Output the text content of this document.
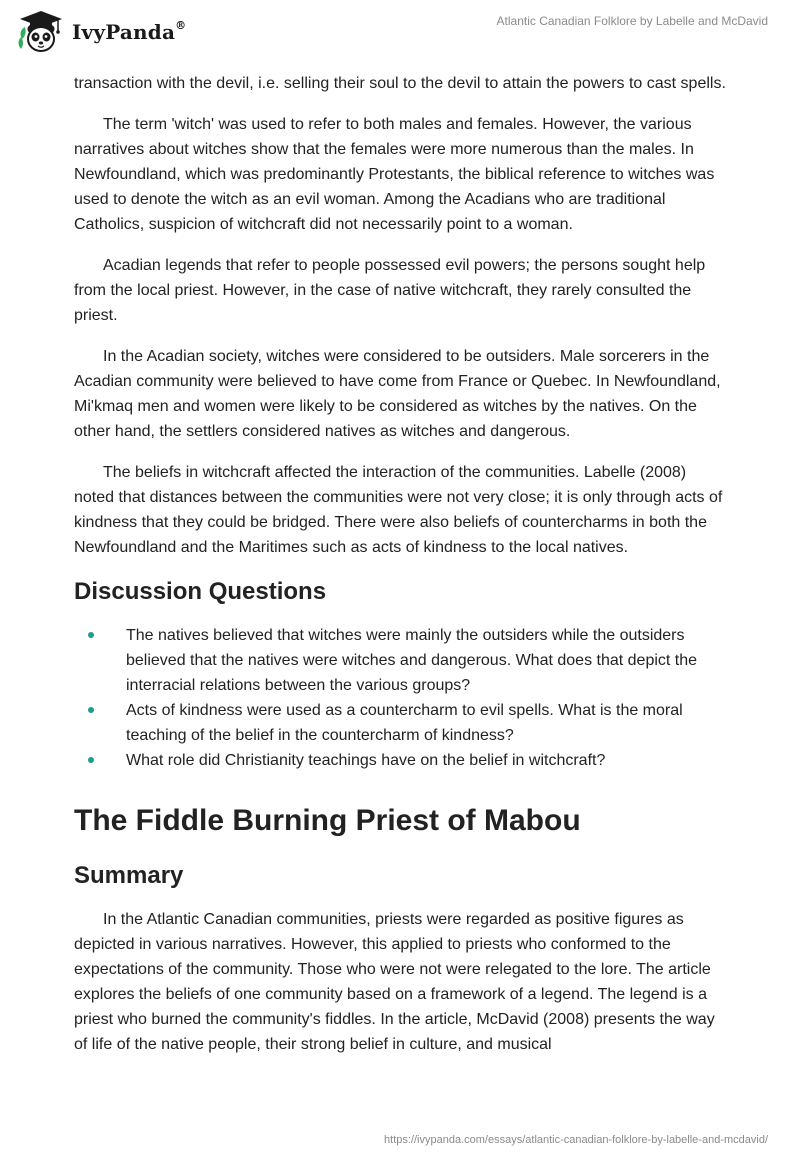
IvyPanda®	Atlantic Canadian Folklore by Labelle and McDavid

transaction with the devil, i.e. selling their soul to the devil to attain the powers to cast spells.

The term 'witch' was used to refer to both males and females. However, the various narratives about witches show that the females were more numerous than the males. In Newfoundland, which was predominantly Protestants, the biblical reference to witches was used to denote the witch as an evil woman. Among the Acadians who are traditional Catholics, suspicion of witchcraft did not necessarily point to a woman.

Acadian legends that refer to people possessed evil powers; the persons sought help from the local priest. However, in the case of native witchcraft, they rarely consulted the priest.

In the Acadian society, witches were considered to be outsiders. Male sorcerers in the Acadian community were believed to have come from France or Quebec. In Newfoundland, Mi'kmaq men and women were likely to be considered as witches by the natives. On the other hand, the settlers considered natives as witches and dangerous.

The beliefs in witchcraft affected the interaction of the communities. Labelle (2008) noted that distances between the communities were not very close; it is only through acts of kindness that they could be bridged. There were also beliefs of countercharms in both the Newfoundland and the Maritimes such as acts of kindness to the local natives.

Discussion Questions
The natives believed that witches were mainly the outsiders while the outsiders believed that the natives were witches and dangerous. What does that depict the interracial relations between the various groups?
Acts of kindness were used as a countercharm to evil spells. What is the moral teaching of the belief in the countercharm of kindness?
What role did Christianity teachings have on the belief in witchcraft?
The Fiddle Burning Priest of Mabou
Summary

In the Atlantic Canadian communities, priests were regarded as positive figures as depicted in various narratives. However, this applied to priests who conformed to the expectations of the community. Those who were not were relegated to the lore. The article explores the beliefs of one community based on a framework of a legend. The legend is a priest who burned the community's fiddles. In the article, McDavid (2008) presents the way of life of the native people, their strong belief in culture, and musical

https://ivypanda.com/essays/atlantic-canadian-folklore-by-labelle-and-mcdavid/
